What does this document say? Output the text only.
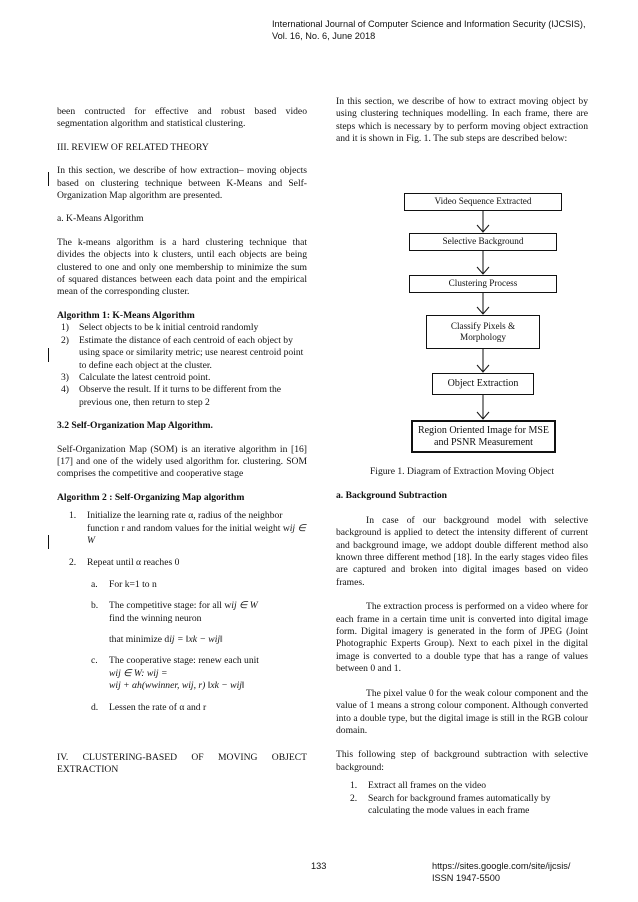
International Journal of Computer Science and Information Security (IJCSIS),
Vol. 16, No. 6, June 2018

been contructed for effective and robust based video segmentation algorithm and statistical clustering.

III. REVIEW OF RELATED THEORY

In this section, we describe of how extraction– moving objects based on clustering technique between K-Means and Self-Organization Map algorithm are presented.

a. K-Means Algorithm

The k-means algorithm is a hard clustering technique that divides the objects into k clusters, until each objects are being clustered to one and only one membership to minimize the sum of squared distances between each data point and the empirical mean of the corresponding cluster.

Algorithm 1: K-Means Algorithm

1) Select objects to be k initial centroid randomly
2) Estimate the distance of each centroid of each object by using space or similarity metric; use nearest centroid point to define each object at the cluster.
3) Calculate the latest centroid point.
4) Observe the result. If it turns to be different from the previous one, then return to step 2

3.2 Self-Organization Map Algorithm.

Self-Organization Map (SOM) is an iterative algorithm in [16] [17] and one of the widely used algorithm for. clustering. SOM comprises the competitive and cooperative stage

Algorithm 2 : Self-Organizing Map algorithm

1. Initialize the learning rate α, radius of the neighbor function r and random values for the initial weight wij ∈ W
2. Repeat until α reaches 0
a. For k=1 to n
b. The competitive stage: for all wij ∈ W
find the winning neuron
that minimize dij = ‖xk − wij‖
c. The cooperative stage: renew each unit
wij ∈ W: wij =
wij + αh(wwinner, wij, r) ‖xk − wij‖
d. Lessen the rate of α and r

IV. CLUSTERING-BASED OF MOVING OBJECT EXTRACTION

In this section, we describe of how to extract moving object by using clustering techniques modelling. In each frame, there are steps which is necessary by to perform moving object extraction and it is shown in Fig. 1. The sub steps are described below:

Video Sequence Extracted
Selective Background
Clustering Process
Classify Pixels & Morphology
Object Extraction
Region Oriented Image for MSE and PSNR Measurement

Figure 1. Diagram of Extraction Moving Object

a. Background Subtraction

In case of our background model with selective background is applied to detect the intensity different of current and background image, we addopt double different method also known three different method [18]. In the early stages video files are captured and broken into digital images based on video frames.

The extraction process is performed on a video where for each frame in a certain time unit is converted into digital image form. Digital imagery is generated in the form of JPEG (Joint Photographic Experts Group). Next to each pixel in the digital image is converted to a double type that has a range of values between 0 and 1.

The pixel value 0 for the weak colour component and the value of 1 means a strong colour component. Although converted into a double type, but the digital image is still in the RGB colour domain.

This following step of background subtraction with selective background:

1. Extract all frames on the video
2. Search for background frames automatically by calculating the mode values in each frame
133	https://sites.google.com/site/ijcsis/
ISSN 1947-5500
